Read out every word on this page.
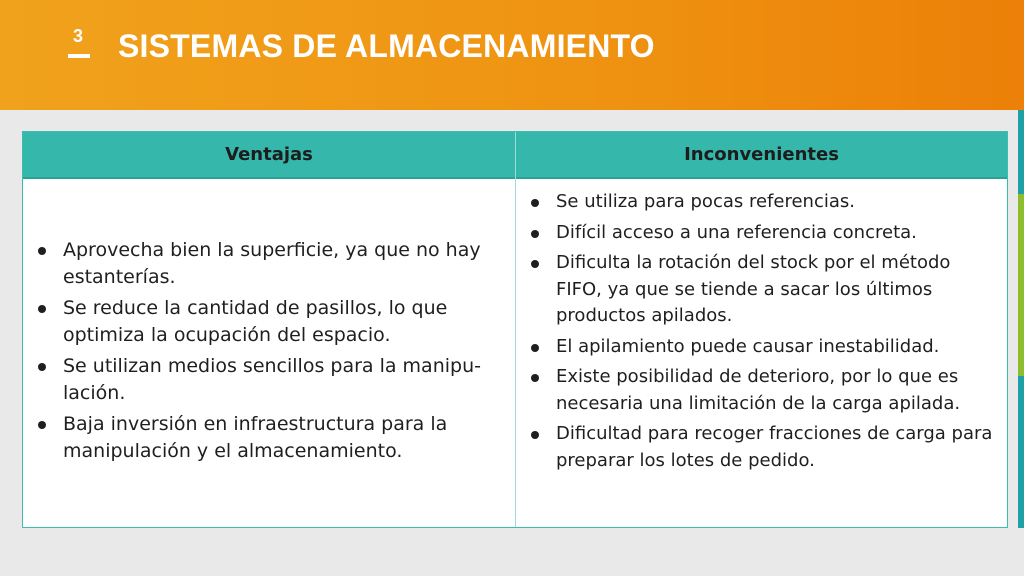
3 SISTEMAS DE ALMACENAMIENTO
Ventajas	Inconvenientes
Aprovecha bien la superficie, ya que no hay estanterías.
Se reduce la cantidad de pasillos, lo que optimiza la ocupación del espacio.
Se utilizan medios sencillos para la manipu-lación.
Baja inversión en infraestructura para la manipulación y el almacenamiento.
Se utiliza para pocas referencias.
Difícil acceso a una referencia concreta.
Dificulta la rotación del stock por el método FIFO, ya que se tiende a sacar los últimos productos apilados.
El apilamiento puede causar inestabilidad.
Existe posibilidad de deterioro, por lo que es necesaria una limitación de la carga apilada.
Dificultad para recoger fracciones de carga para preparar los lotes de pedido.
